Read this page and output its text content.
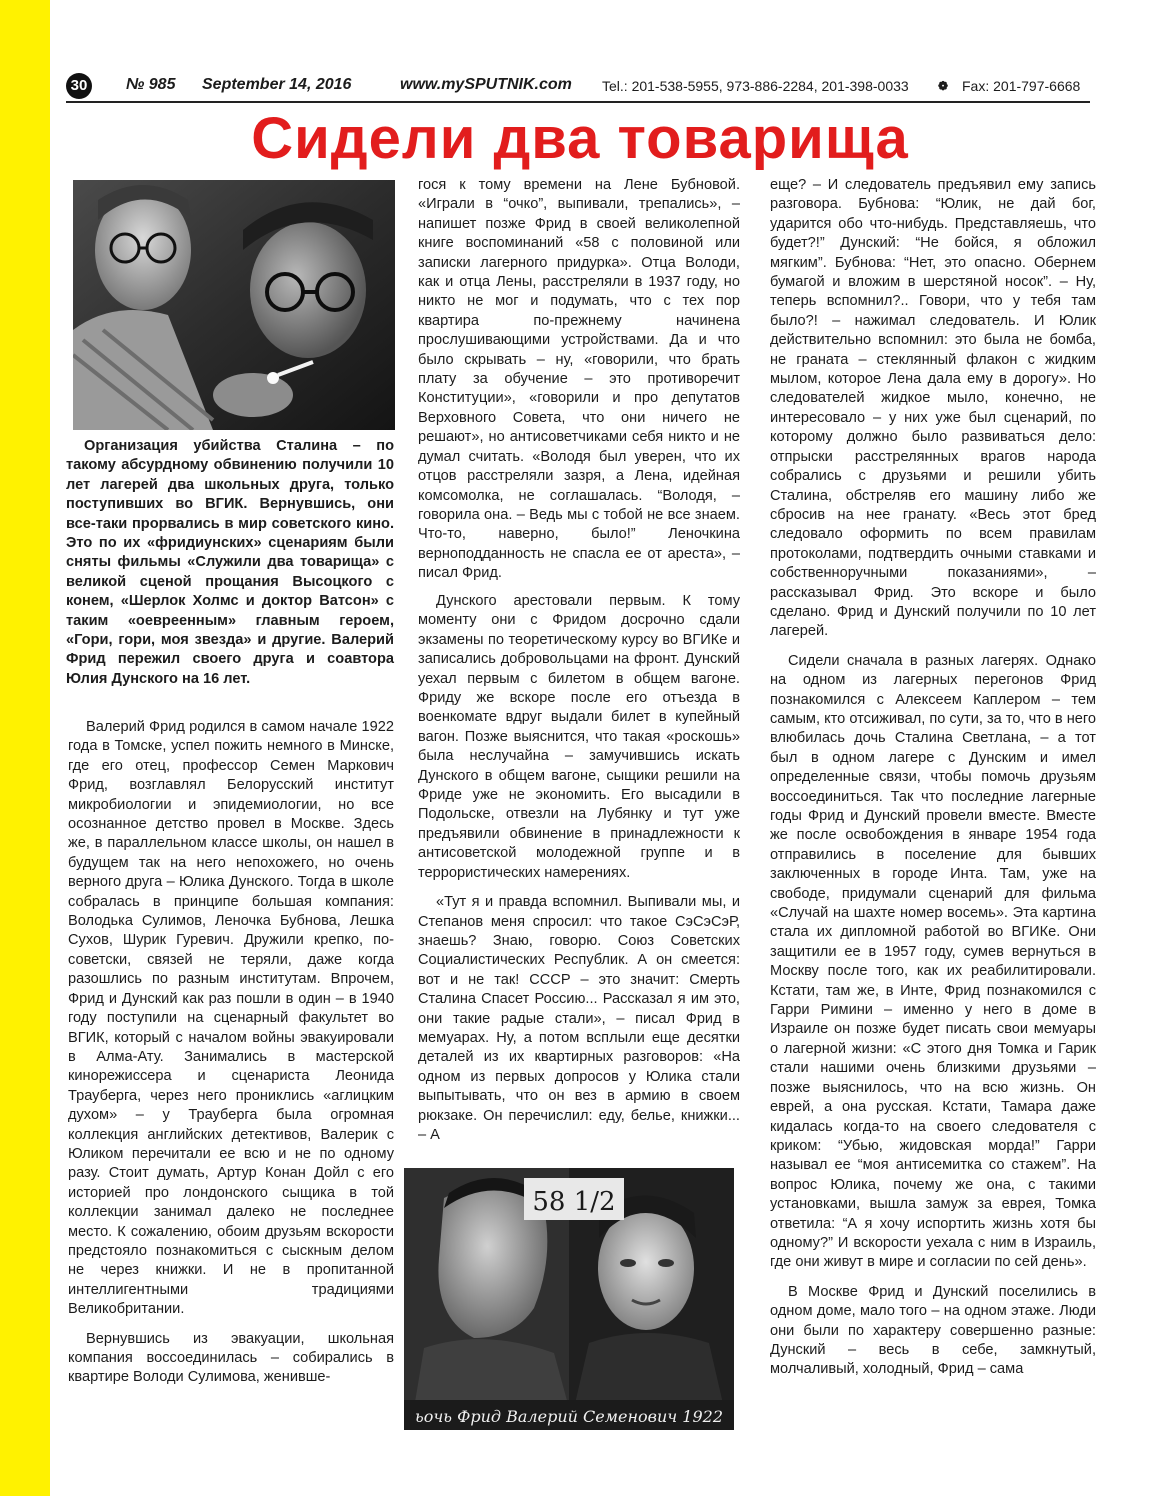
30 № 985 September 14, 2016	www.mySPUTNIK.com Tel.: 201-538-5955, 973-886-2284, 201-398-0033 ❁ Fax: 201-797-6668
Сидели два товарища

Организация убийства Сталина – по такому абсурдному обвинению получили 10 лет лагерей два школьных друга, только поступивших во ВГИК. Вернувшись, они все-таки прорвались в мир советского кино. Это по их «фридиунских» сценариям были сняты фильмы «Служили два товарища» с великой сценой прощания Высоцкого с конем, «Шерлок Холмс и доктор Ватсон» с таким «оевреенным» главным героем, «Гори, гори, моя звезда» и другие. Валерий Фрид пережил своего друга и соавтора Юлия Дунского на 16 лет.

Валерий Фрид родился в самом начале 1922 года в Томске, успел пожить немного в Минске, где его отец, профессор Семен Маркович Фрид, возглавлял Белорусский институт микробиологии и эпидемиологии, но все осознанное детство провел в Москве. Здесь же, в параллельном классе школы, он нашел в будущем так на него непохожего, но очень верного друга – Юлика Дунского. Тогда в школе собралась в принципе большая компания: Володька Сулимов, Леночка Бубнова, Лешка Сухов, Шурик Гуревич. Дружили крепко, по-советски, связей не теряли, даже когда разошлись по разным институтам. Впрочем, Фрид и Дунский как раз пошли в один – в 1940 году поступили на сценарный факультет во ВГИК, который с началом войны эвакуировали в Алма-Ату. Занимались в мастерской кинорежиссера и сценариста Леонида Трауберга, через него прониклись «аглицким духом» – у Трауберга была огромная коллекция английских детективов, Валерик с Юликом перечитали ее всю и не по одному разу. Стоит думать, Артур Конан Дойл с его историей про лондонского сыщика в той коллекции занимал далеко не последнее место. К сожалению, обоим друзьям вскорости предстояло познакомиться с сыскным делом не через книжки. И не в пропитанной интеллигентными традициями Великобритании.

Вернувшись из эвакуации, школьная компания воссоединилась – собирались в квартире Володи Сулимова, женивше-

гося к тому времени на Лене Бубновой. «Играли в “очко”, выпивали, трепались», – напишет позже Фрид в своей великолепной книге воспоминаний «58 с половиной или записки лагерного придурка». Отца Володи, как и отца Лены, расстреляли в 1937 году, но никто не мог и подумать, что с тех пор квартира по-прежнему начинена прослушивающими устройствами. Да и что было скрывать – ну, «говорили, что брать плату за обучение – это противоречит Конституции», «говорили и про депутатов Верховного Совета, что они ничего не решают», но антисоветчиками себя никто и не думал считать. «Володя был уверен, что их отцов расстреляли зазря, а Лена, идейная комсомолка, не соглашалась. “Володя, – говорила она. – Ведь мы с тобой не все знаем. Что-то, наверно, было!” Леночкина верноподданность не спасла ее от ареста», – писал Фрид.

Дунского арестовали первым. К тому моменту они с Фридом досрочно сдали экзамены по теоретическому курсу во ВГИКе и записались добровольцами на фронт. Дунский уехал первым с билетом в общем вагоне. Фриду же вскоре после его отъезда в военкомате вдруг выдали билет в купейный вагон. Позже выяснится, что такая «роскошь» была неслучайна – замучившись искать Дунского в общем вагоне, сыщики решили на Фриде уже не экономить. Его высадили в Подольске, отвезли на Лубянку и тут уже предъявили обвинение в принадлежности к антисоветской молодежной группе и в террористических намерениях.

«Тут я и правда вспомнил. Выпивали мы, и Степанов меня спросил: что такое СэСэСэР, знаешь? Знаю, говорю. Союз Советских Социалистических Республик. А он смеется: вот и не так! СССР – это значит: Смерть Сталина Спасет Россию... Рассказал я им это, они такие радые стали», – писал Фрид в мемуарах. Ну, а потом всплыли еще десятки деталей из их квартирных разговоров: «На одном из первых допросов у Юлика стали выпытывать, что он вез в армию в своем рюкзаке. Он перечислил: еду, белье, книжки... – А

еще? – И следователь предъявил ему запись разговора. Бубнова: “Юлик, не дай бог, ударится обо что-нибудь. Представляешь, что будет?!” Дунский: “Не бойся, я обложил мягким”. Бубнова: “Нет, это опасно. Обернем бумагой и вложим в шерстяной носок”. – Ну, теперь вспомнил?.. Говори, что у тебя там было?! – нажимал следователь. И Юлик действительно вспомнил: это была не бомба, не граната – стеклянный флакон с жидким мылом, которое Лена дала ему в дорогу». Но следователей жидкое мыло, конечно, не интересовало – у них уже был сценарий, по которому должно было развиваться дело: отпрыски расстрелянных врагов народа собрались с друзьями и решили убить Сталина, обстреляв его машину либо же сбросив на нее гранату. «Весь этот бред следовало оформить по всем правилам протоколами, подтвердить очными ставками и собственноручными показаниями», – рассказывал Фрид. Это вскоре и было сделано. Фрид и Дунский получили по 10 лет лагерей.

Сидели сначала в разных лагерях. Однако на одном из лагерных перегонов Фрид познакомился с Алексеем Каплером – тем самым, кто отсиживал, по сути, за то, что в него влюбилась дочь Сталина Светлана, – а тот был в одном лагере с Дунским и имел определенные связи, чтобы помочь друзьям воссоединиться. Так что последние лагерные годы Фрид и Дунский провели вместе. Вместе же после освобождения в январе 1954 года отправились в поселение для бывших заключенных в городе Инта. Там, уже на свободе, придумали сценарий для фильма «Случай на шахте номер восемь». Эта картина стала их дипломной работой во ВГИКе. Они защитили ее в 1957 году, сумев вернуться в Москву после того, как их реабилитировали. Кстати, там же, в Инте, Фрид познакомился с Гарри Римини – именно у него в доме в Израиле он позже будет писать свои мемуары о лагерной жизни: «С этого дня Томка и Гарик стали нашими очень близкими друзьями – позже выяснилось, что на всю жизнь. Он еврей, а она русская. Кстати, Тамара даже кидалась когда-то на своего следователя с криком: “Убью, жидовская морда!” Гарри называл ее “моя антисемитка со стажем”. На вопрос Юлика, почему же она, с такими установками, вышла замуж за еврея, Томка ответила: “А я хочу испортить жизнь хотя бы одному?” И вскорости уехала с ним в Израиль, где они живут в мире и согласии по сей день».

В Москве Фрид и Дунский поселились в одном доме, мало того – на одном этаже. Люди они были по характеру совершенно разные: Дунский – весь в себе, замкнутый, молчаливый, холодный, Фрид – сама

58 1/2
ьочь Фрид Валерий Семенович 1922
